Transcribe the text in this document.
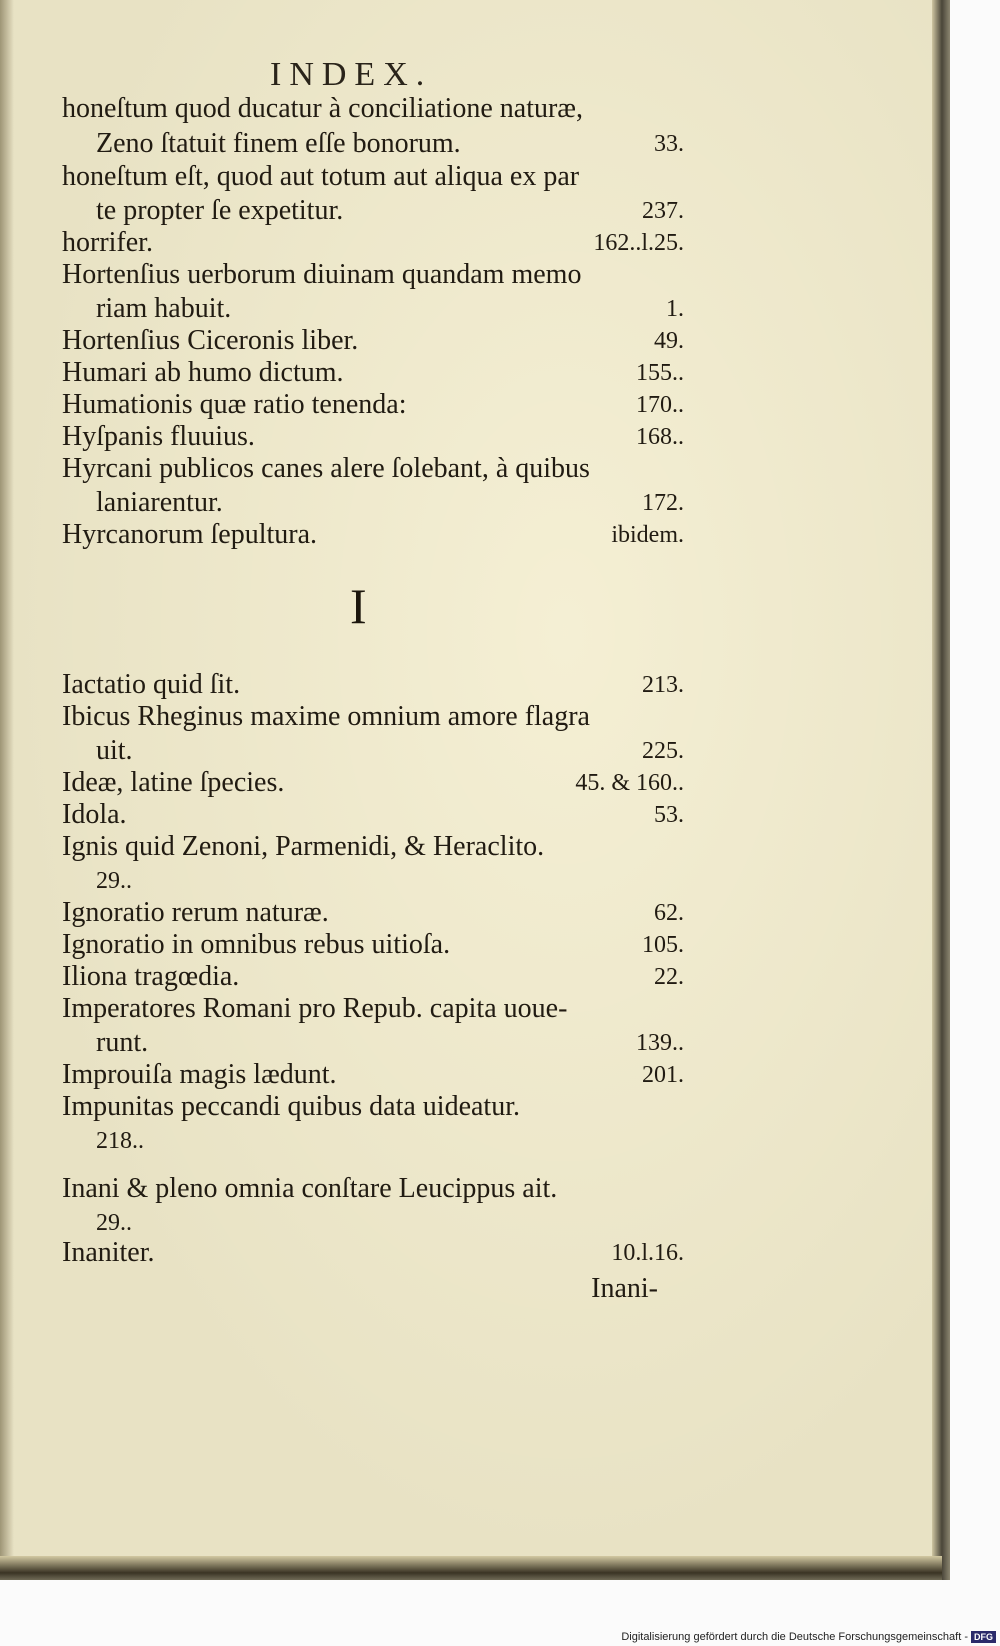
INDEX.
honeſtum quod ducatur à conciliatione naturæ,
Zeno ſtatuit finem eſſe bonorum.	33.
honeſtum eſt, quod aut totum aut aliqua ex par
te propter ſe expetitur.	237.
horrifer.	162..l.25.
Hortenſius uerborum diuinam quandam memo
riam habuit.	1.
Hortenſius Ciceronis liber.	49.
Humari ab humo dictum.	155..
Humationis quæ ratio tenenda:	170..
Hyſpanis fluuius.	168..
Hyrcani publicos canes alere ſolebant, à quibus
laniarentur.	172.
Hyrcanorum ſepultura.	ibidem.
I
Iactatio quid ſit.	213.
Ibicus Rheginus maxime omnium amore flagra
uit.	225.
Ideæ, latine ſpecies.	45. & 160..
Idola.	53.
Ignis quid Zenoni, Parmenidi, & Heraclito.
29..
Ignoratio rerum naturæ.	62.
Ignoratio in omnibus rebus uitioſa.	105.
Iliona tragœdia.	22.
Imperatores Romani pro Repub. capita uoue-
runt.	139..
Improuiſa magis lædunt.	201.
Impunitas peccandi quibus data uideatur.
218..
Inani & pleno omnia conſtare Leucippus ait.
29..
Inaniter.	10.l.16.
Inani-
Digitalisierung gefördert durch die Deutsche Forschungsgemeinschaft - DFG
